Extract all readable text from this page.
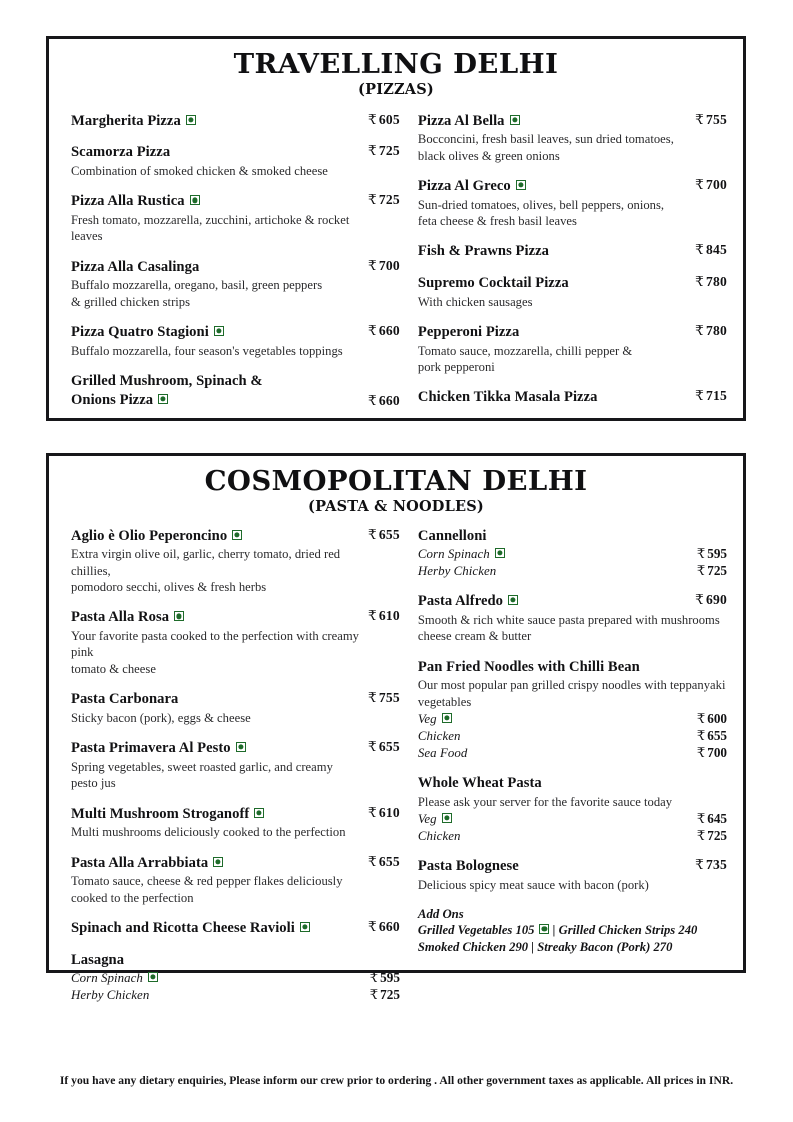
TRAVELLING DELHI
(PIZZAS)
Margherita Pizza	₹ 605
Scamorza Pizza	₹ 725
Combination of smoked chicken & smoked cheese
Pizza Alla Rustica	₹ 725
Fresh tomato, mozzarella, zucchini, artichoke & rocket leaves
Pizza Alla Casalinga	₹ 700
Buffalo mozzarella, oregano, basil, green peppers
& grilled chicken strips
Pizza Quatro Stagioni	₹ 660
Buffalo mozzarella, four season's vegetables toppings
Grilled Mushroom, Spinach &
Onions Pizza	₹ 660
Pizza Al Bella	₹ 755
Bocconcini, fresh basil leaves, sun dried tomatoes,
black olives & green onions
Pizza Al Greco	₹ 700
Sun-dried tomatoes, olives, bell peppers, onions,
feta cheese & fresh basil leaves
Fish & Prawns Pizza	₹ 845
Supremo Cocktail Pizza	₹ 780
With chicken sausages
Pepperoni Pizza	₹ 780
Tomato sauce, mozzarella, chilli pepper &
pork pepperoni
Chicken Tikka Masala Pizza	₹ 715
COSMOPOLITAN DELHI
(PASTA & NOODLES)
Aglio è Olio Peperoncino	₹ 655
Extra virgin olive oil, garlic, cherry tomato, dried red chillies,
pomodoro secchi, olives & fresh herbs
Pasta Alla Rosa	₹ 610
Your favorite pasta cooked to the perfection with creamy pink
tomato & cheese
Pasta Carbonara	₹ 755
Sticky bacon (pork), eggs & cheese
Pasta Primavera Al Pesto	₹ 655
Spring vegetables, sweet roasted garlic, and creamy
pesto jus
Multi Mushroom Stroganoff	₹ 610
Multi mushrooms deliciously cooked to the perfection
Pasta Alla Arrabbiata	₹ 655
Tomato sauce, cheese & red pepper flakes deliciously
cooked to the perfection
Spinach and Ricotta Cheese Ravioli	₹ 660
Lasagna
Corn Spinach	₹ 595
Herby Chicken	₹ 725
Cannelloni
Corn Spinach	₹ 595
Herby Chicken	₹ 725
Pasta Alfredo	₹ 690
Smooth & rich white sauce pasta prepared with mushrooms
cheese cream & butter
Pan Fried Noodles with Chilli Bean
Our most popular pan grilled crispy noodles with teppanyaki
vegetables
Veg	₹ 600
Chicken	₹ 655
Sea Food	₹ 700
Whole Wheat Pasta
Please ask your server for the favorite sauce today
Veg	₹ 645
Chicken	₹ 725
Pasta Bolognese	₹ 735
Delicious spicy meat sauce with bacon (pork)
Add Ons
Grilled Vegetables 105 | Grilled Chicken Strips 240
Smoked Chicken 290 | Streaky Bacon (Pork) 270
If you have any dietary enquiries, Please inform our crew prior to ordering . All other government taxes as applicable. All prices in INR.
